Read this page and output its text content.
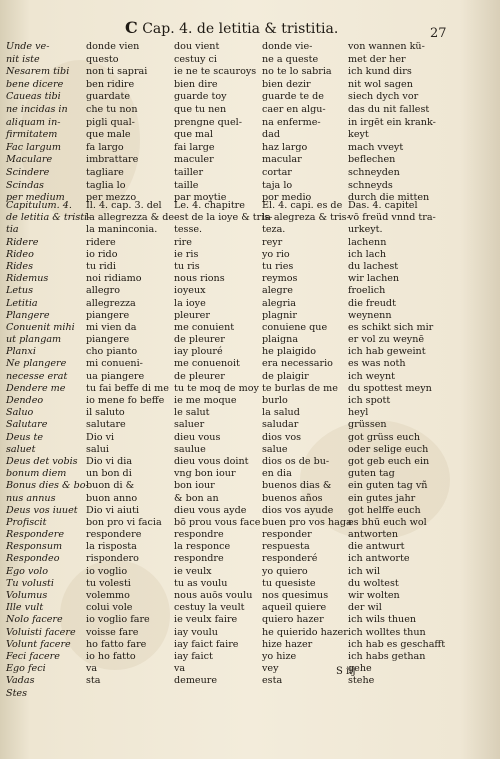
C Cap. 4. de letitia & tristitia.	27
Unde ve-
nit iste
Nesarem tibi
bene dicere
Caueas tibi
ne incidas in
aliquam in-
firmitatem
Fac largum
Maculare
Scindere
Scindas
per medium
donde vien
questo
non ti saprai
ben ridire
guardate
che tu non
pigli qual-
que male
fa largo
imbrattare
tagliare
taglia lo
per mezzo
dou vient
cestuy ci
ie ne te scauroys
bien dire
guarde toy
que tu nen
prengne quel-
que mal
fai large
maculer
tailler
taille
par moytie
donde vie-
ne a queste
no te lo sabria
bien dezir
guarde te de
caer en algu-
na enferme-
dad
haz largo
macular
cortar
taja lo
por medio
von wannen kü-
met der her
ich kund dirs
nit wol sagen
siech dych vor
das du nit fallest
in irgēt ein krank-
keyt
mach vveyt
beflechen
schneyden
schneyds
durch die mitten
Capitulum. 4.
de letitia & tristi-
tia
Ridere
Rideo
Rides
Ridemus
Letus
Letitia
Plangere
Conuenit mihi
ut plangam
Planxi
Ne plangere
necesse erat
Dendere me
Dendeo
Saluo
Salutare
Deus te
saluet
Deus det vobis
bonum diem
Bonus dies & bo-
nus annus
Deus vos iuuet
Profiscit
Respondere
Responsum
Respondeo
Ego volo
Tu volusti
Volumus
Ille vult
Nolo facere
Voluisti facere
Volunt facere
Feci facere
Ego feci
Vadas
Stes
Il. 4. cap. 3. del
la allegrezza & de
la maninconia.
ridere
io rido
tu ridi
noi ridiamo
allegro
allegrezza
piangere
mi vien da
piangere
cho pianto
mi conueni-
ua piangere
tu fai beffe di me
io mene fo beffe
il saluto
salutare
Dio vi
salui
Dio vi dia
un bon di
buon di &
buon anno
Dio vi aiuti
bon pro vi facia
respondere
la risposta
rispondero
io voglio
tu volesti
volemmo
colui vole
io voglio fare
voisse fare
ho fatto fare
io ho fatto
va
sta
Le. 4. chapitre
est de la ioye & tris-
tesse.
rire
ie ris
tu ris
nous rions
ioyeux
la ioye
pleurer
me conuient
de pleurer
iay plouré
me conuenoit
de pleurer
tu te moq de moy
ie me moque
le salut
saluer
dieu vous
saulue
dieu vous doint
vng bon iour
bon iour
& bon an
dieu vous ayde
bō prou vous face
respondre
la responce
respondre
ie veulx
tu as voulu
nous auōs voulu
cestuy la veult
ie veulx faire
iay voulu
iay faict faire
iay faict
va
demeure
El. 4. capi. es de
la alegreza & tris-
teza.
reyr
yo rio
tu ries
reymos
alegre
alegria
plagnir
conuiene que
plaigna
he plaigido
era necessario
de plaigir
te burlas de me
burlo
la salud
saludar
dios vos
salue
dios os de bu-
en dia
buenos dias &
buenos años
dios vos ayude
buen pro vos haga
responder
respuesta
responderé
yo quiero
tu quesiste
nos quesimus
aqueil quiere
quiero hazer
he quierido hazer
hize hazer
yo hize
vey
esta
Das. 4. capitel
vō freüd vnnd tra-
urkeyt.
lachenn
ich lach
du lachest
wir lachen
froelich
die freudt
weynenn
es schikt sich mir
er vol zu weynē
ich hab geweint
es was noth
ich weynt
du spottest meyn
ich spott
heyl
grüssen
got grüss euch
oder selige euch
got geb euch ein
guten tag
ein guten tag vñ
ein gutes jahr
got helffe euch
es bhū euch wol
antworten
die antwurt
ich antworte
ich wil
du woltest
wir wolten
der wil
ich wils thuen
ich wolltes thun
ich hab es geschafft
ich habs gethan
gehe
stehe
S iij
